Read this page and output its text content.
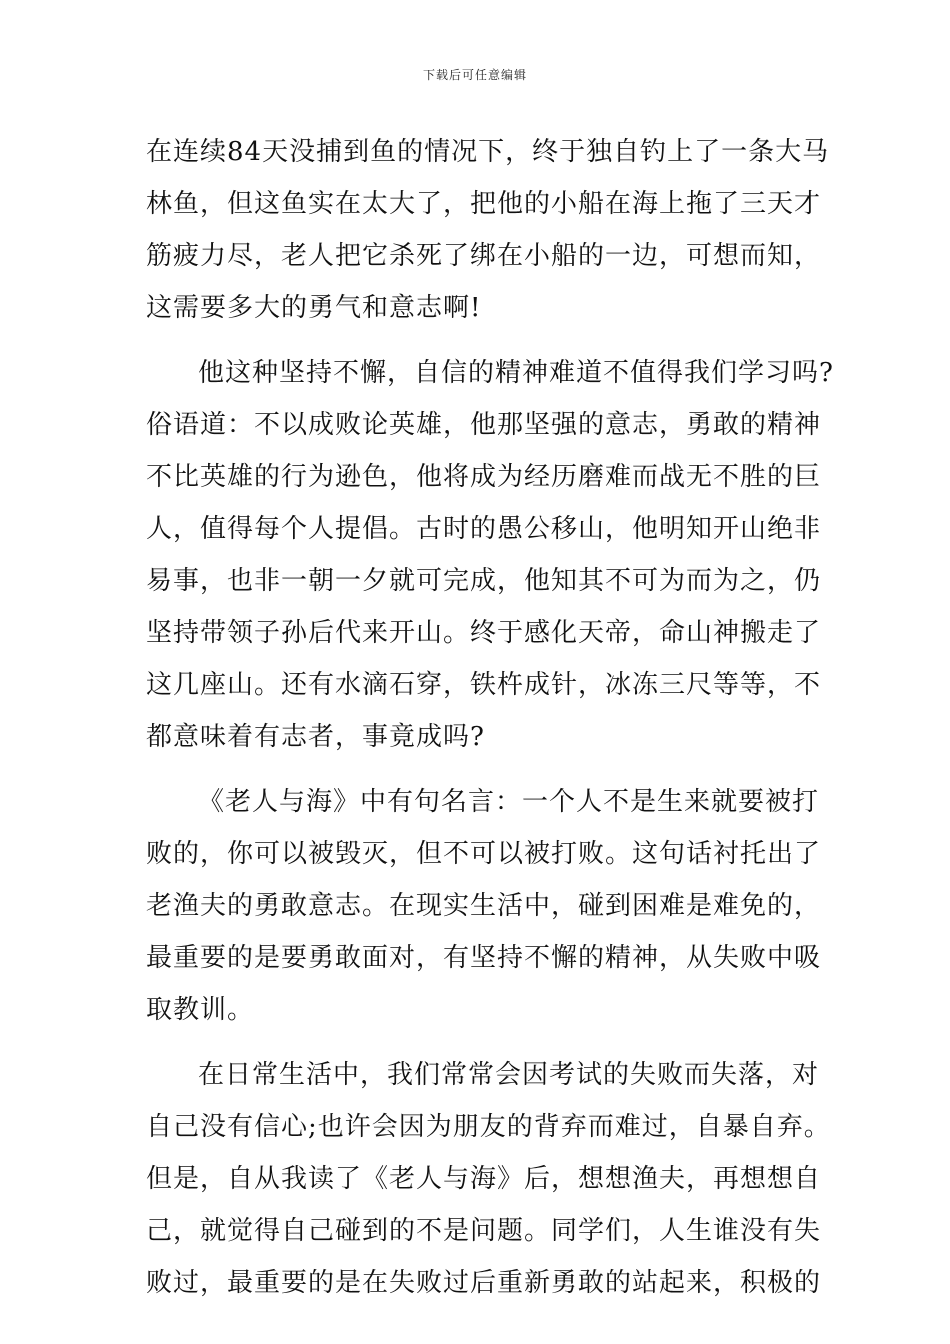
下载后可任意编辑
在连续84天没捕到鱼的情况下，终于独自钓上了一条大马
林鱼，但这鱼实在太大了，把他的小船在海上拖了三天才
筋疲力尽，老人把它杀死了绑在小船的一边，可想而知，
这需要多大的勇气和意志啊!
他这种坚持不懈，自信的精神难道不值得我们学习吗?
俗语道：不以成败论英雄，他那坚强的意志，勇敢的精神
不比英雄的行为逊色，他将成为经历磨难而战无不胜的巨
人，值得每个人提倡。古时的愚公移山，他明知开山绝非
易事，也非一朝一夕就可完成，他知其不可为而为之，仍
坚持带领子孙后代来开山。终于感化天帝，命山神搬走了
这几座山。还有水滴石穿，铁杵成针，冰冻三尺等等，不
都意味着有志者，事竟成吗?
《老人与海》中有句名言：一个人不是生来就要被打
败的，你可以被毁灭，但不可以被打败。这句话衬托出了
老渔夫的勇敢意志。在现实生活中，碰到困难是难免的，
最重要的是要勇敢面对，有坚持不懈的精神，从失败中吸
取教训。
在日常生活中，我们常常会因考试的失败而失落，对
自己没有信心;也许会因为朋友的背弃而难过，自暴自弃。
但是，自从我读了《老人与海》后，想想渔夫，再想想自
己，就觉得自己碰到的不是问题。同学们，人生谁没有失
败过，最重要的是在失败过后重新勇敢的站起来，积极的
